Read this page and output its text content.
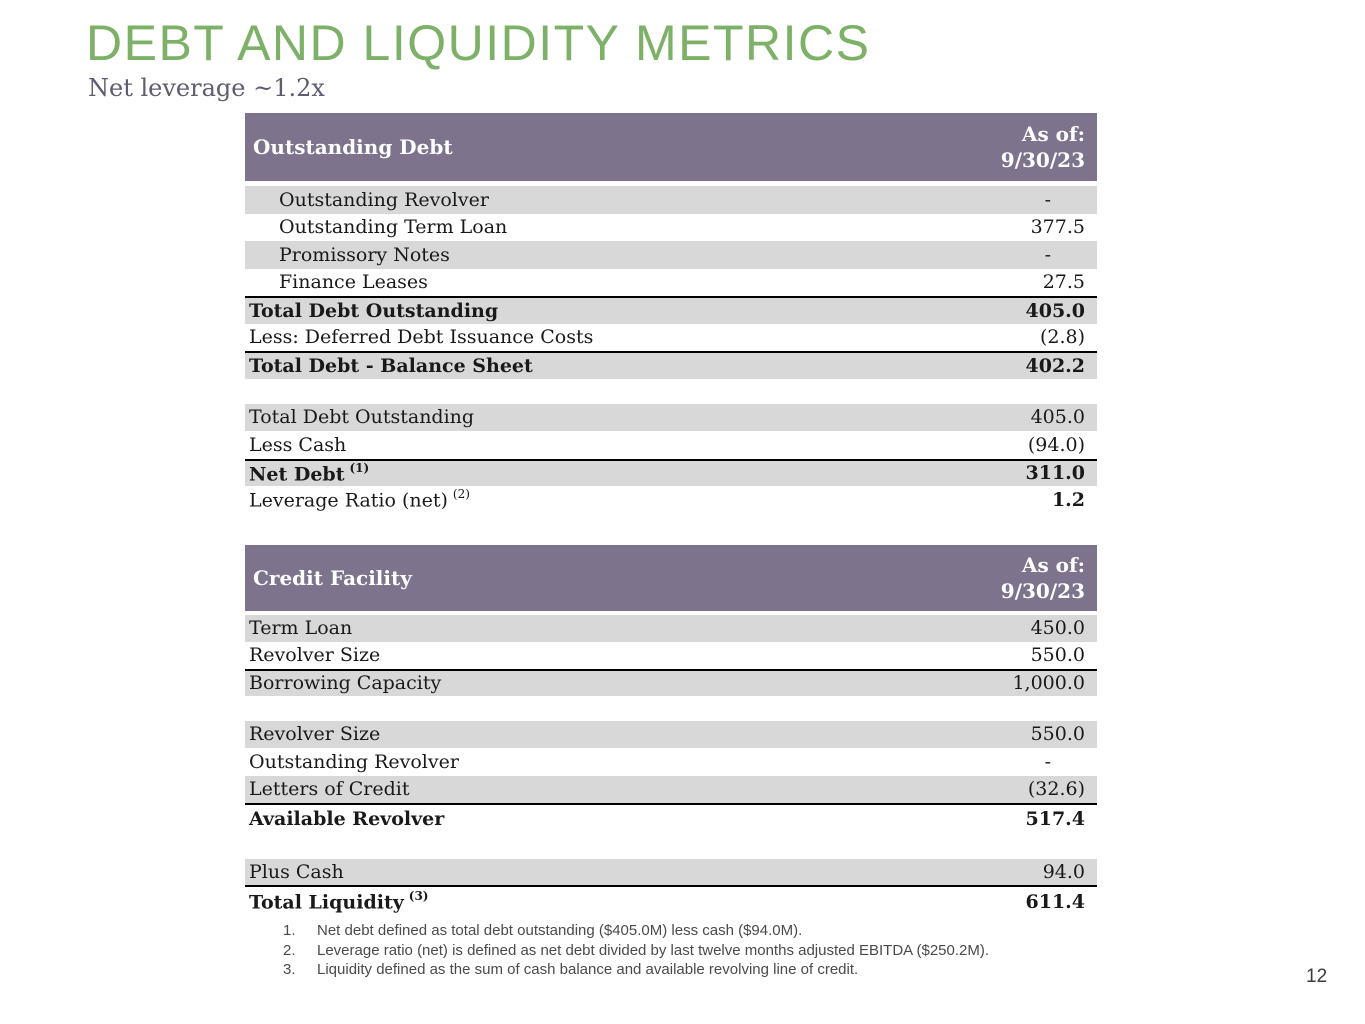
DEBT AND LIQUIDITY METRICS
Net leverage ~1.2x
Outstanding Debt
As of:
9/30/23
Outstanding Revolver	-
Outstanding Term Loan	377.5
Promissory Notes	-
Finance Leases	27.5
Total Debt Outstanding	405.0
Less: Deferred Debt Issuance Costs	(2.8)
Total Debt - Balance Sheet	402.2
Total Debt Outstanding	405.0
Less Cash	(94.0)
Net Debt $^{(1)}$	311.0
Leverage Ratio (net) $^{(2)}$	1.2
Credit Facility
As of:
9/30/23
Term Loan	450.0
Revolver Size	550.0
Borrowing Capacity	1,000.0
Revolver Size	550.0
Outstanding Revolver	-
Letters of Credit	(32.6)
Available Revolver	517.4
Plus Cash	94.0
Total Liquidity $^{(3)}$	611.4
1.	Net debt defined as total debt outstanding ($405.0M) less cash ($94.0M).
2.	Leverage ratio (net) is defined as net debt divided by last twelve months adjusted EBITDA ($250.2M).
3.	Liquidity defined as the sum of cash balance and available revolving line of credit.	12
